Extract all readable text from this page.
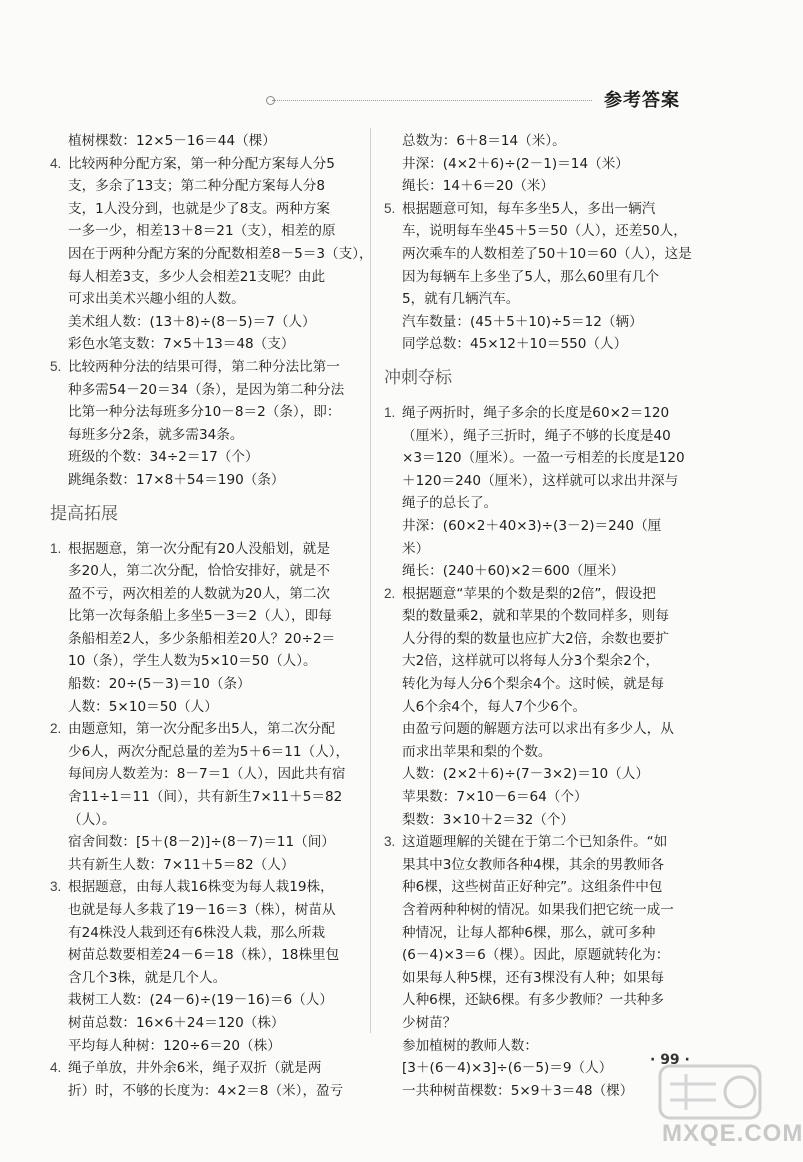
参考答案

植树棵数：12×5－16＝44（棵）

4. 比较两种分配方案，第一种分配方案每人分5

支，多余了13支；第二种分配方案每人分8

支，1人没分到，也就是少了8支。两种方案

一多一少，相差13＋8＝21（支），相差的原

因在于两种分配方案的分配数相差8－5＝3（支），

每人相差3支，多少人会相差21支呢？由此

可求出美术兴趣小组的人数。

美术组人数：(13＋8)÷(8－5)＝7（人）

彩色水笔支数：7×5＋13＝48（支）

5. 比较两种分法的结果可得，第二种分法比第一

种多需54－20＝34（条），是因为第二种分法

比第一种分法每班多分10－8＝2（条），即：

每班多分2条，就多需34条。

班级的个数：34÷2＝17（个）

跳绳条数：17×8＋54＝190（条）

提高拓展
1. 根据题意，第一次分配有20人没船划，就是

多20人，第二次分配，恰恰安排好，就是不

盈不亏，两次相差的人数就为20人，第二次

比第一次每条船上多坐5－3＝2（人），即每

条船相差2人，多少条船相差20人？20÷2＝

10（条），学生人数为5×10＝50（人）。

船数：20÷(5－3)＝10（条）

人数：5×10＝50（人）

2. 由题意知，第一次分配多出5人，第二次分配

少6人，两次分配总量的差为5＋6＝11（人），

每间房人数差为：8－7＝1（人），因此共有宿

舍11÷1＝11（间），共有新生7×11＋5＝82

（人）。

宿舍间数：[5＋(8－2)]÷(8－7)＝11（间）

共有新生人数：7×11＋5＝82（人）

3. 根据题意，由每人栽16株变为每人栽19株，

也就是每人多栽了19－16＝3（株），树苗从

有24株没人栽到还有6株没人栽，那么所栽

树苗总数要相差24－6＝18（株），18株里包

含几个3株，就是几个人。

栽树工人数：(24－6)÷(19－16)＝6（人）

树苗总数：16×6＋24＝120（株）

平均每人种树：120÷6＝20（株）

4. 绳子单放，井外余6米，绳子双折（就是两

折）时，不够的长度为：4×2＝8（米），盈亏

总数为：6＋8＝14（米）。

井深：(4×2＋6)÷(2－1)＝14（米）

绳长：14＋6＝20（米）

5. 根据题意可知，每车多坐5人，多出一辆汽

车，说明每车坐45＋5＝50（人），还差50人，

两次乘车的人数相差了50＋10＝60（人），这是

因为每辆车上多坐了5人，那么60里有几个

5，就有几辆汽车。

汽车数量：(45＋5＋10)÷5＝12（辆）

同学总数：45×12＋10＝550（人）

冲刺夺标
1. 绳子两折时，绳子多余的长度是60×2＝120

（厘米），绳子三折时，绳子不够的长度是40

×3＝120（厘米）。一盈一亏相差的长度是120

＋120＝240（厘米），这样就可以求出井深与

绳子的总长了。

井深：(60×2＋40×3)÷(3－2)＝240（厘

米）

绳长：(240＋60)×2＝600（厘米）

2. 根据题意“苹果的个数是梨的2倍”，假设把

梨的数量乘2，就和苹果的个数同样多，则每

人分得的梨的数量也应扩大2倍，余数也要扩

大2倍，这样就可以将每人分3个梨余2个，

转化为每人分6个梨余4个。这时候，就是每

人6个余4个，每人7个少6个。

由盈亏问题的解题方法可以求出有多少人，从

而求出苹果和梨的个数。

人数：(2×2＋6)÷(7－3×2)＝10（人）

苹果数：7×10－6＝64（个）

梨数：3×10＋2＝32（个）

3. 这道题理解的关键在于第二个已知条件。“如

果其中3位女教师各种4棵，其余的男教师各

种6棵，这些树苗正好种完”。这组条件中包

含着两种种树的情况。如果我们把它统一成一

种情况，让每人都种6棵，那么，就可多种

(6－4)×3＝6（棵）。因此，原题就转化为：

如果每人种5棵，还有3棵没有人种；如果每

人种6棵，还缺6棵。有多少教师？一共种多

少树苗？

参加植树的教师人数：

[3＋(6－4)×3]÷(6－5)＝9（人）

一共种树苗棵数：5×9＋3＝48（棵）

· 99 ·
MXQE.COM
